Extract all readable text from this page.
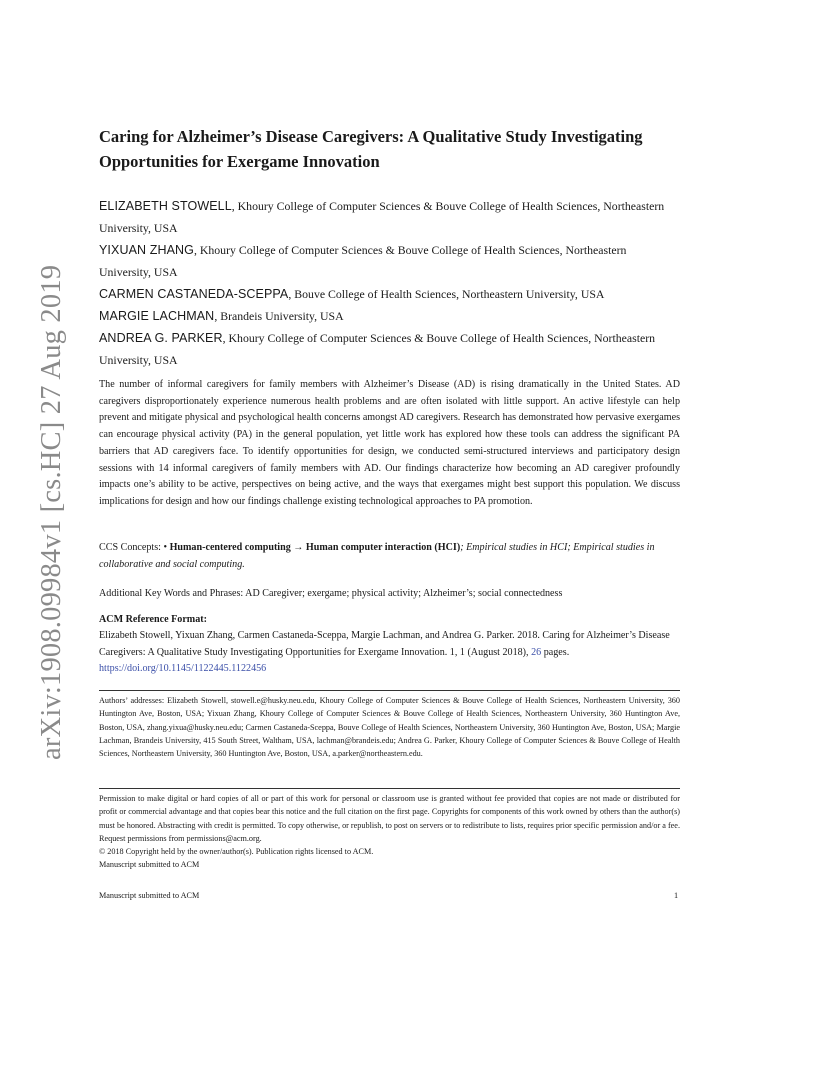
arXiv:1908.09984v1 [cs.HC] 27 Aug 2019
Caring for Alzheimer’s Disease Caregivers: A Qualitative Study Investigating Opportunities for Exergame Innovation
ELIZABETH STOWELL, Khoury College of Computer Sciences & Bouve College of Health Sciences, Northeastern University, USA
YIXUAN ZHANG, Khoury College of Computer Sciences & Bouve College of Health Sciences, Northeastern University, USA
CARMEN CASTANEDA-SCEPPA, Bouve College of Health Sciences, Northeastern University, USA
MARGIE LACHMAN, Brandeis University, USA
ANDREA G. PARKER, Khoury College of Computer Sciences & Bouve College of Health Sciences, Northeastern University, USA

The number of informal caregivers for family members with Alzheimer’s Disease (AD) is rising dramatically in the United States. AD caregivers disproportionately experience numerous health problems and are often isolated with little support. An active lifestyle can help prevent and mitigate physical and psychological health concerns amongst AD caregivers. Research has demonstrated how pervasive exergames can encourage physical activity (PA) in the general population, yet little work has explored how these tools can address the significant PA barriers that AD caregivers face. To identify opportunities for design, we conducted semi-structured interviews and participatory design sessions with 14 informal caregivers of family members with AD. Our findings characterize how becoming an AD caregiver profoundly impacts one’s ability to be active, perspectives on being active, and the ways that exergames might best support this population. We discuss implications for design and how our findings challenge existing technological approaches to PA promotion.

CCS Concepts: • Human-centered computing → Human computer interaction (HCI); Empirical studies in HCI; Empirical studies in collaborative and social computing.

Additional Key Words and Phrases: AD Caregiver; exergame; physical activity; Alzheimer’s; social connectedness

ACM Reference Format:

Elizabeth Stowell, Yixuan Zhang, Carmen Castaneda-Sceppa, Margie Lachman, and Andrea G. Parker. 2018. Caring for Alzheimer’s Disease Caregivers: A Qualitative Study Investigating Opportunities for Exergame Innovation. 1, 1 (August 2018), 26 pages. https://doi.org/10.1145/1122445.1122456

Authors’ addresses: Elizabeth Stowell, stowell.e@husky.neu.edu, Khoury College of Computer Sciences & Bouve College of Health Sciences, Northeastern University, 360 Huntington Ave, Boston, USA; Yixuan Zhang, Khoury College of Computer Sciences & Bouve College of Health Sciences, Northeastern University, 360 Huntington Ave, Boston, USA, zhang.yixua@husky.neu.edu; Carmen Castaneda-Sceppa, Bouve College of Health Sciences, Northeastern University, 360 Huntington Ave, Boston, USA; Margie Lachman, Brandeis University, 415 South Street, Waltham, USA, lachman@brandeis.edu; Andrea G. Parker, Khoury College of Computer Sciences & Bouve College of Health Sciences, Northeastern University, 360 Huntington Ave, Boston, USA, a.parker@northeastern.edu.

Permission to make digital or hard copies of all or part of this work for personal or classroom use is granted without fee provided that copies are not made or distributed for profit or commercial advantage and that copies bear this notice and the full citation on the first page. Copyrights for components of this work owned by others than the author(s) must be honored. Abstracting with credit is permitted. To copy otherwise, or republish, to post on servers or to redistribute to lists, requires prior specific permission and/or a fee. Request permissions from permissions@acm.org.

© 2018 Copyright held by the owner/author(s). Publication rights licensed to ACM.

Manuscript submitted to ACM

Manuscript submitted to ACM	1
